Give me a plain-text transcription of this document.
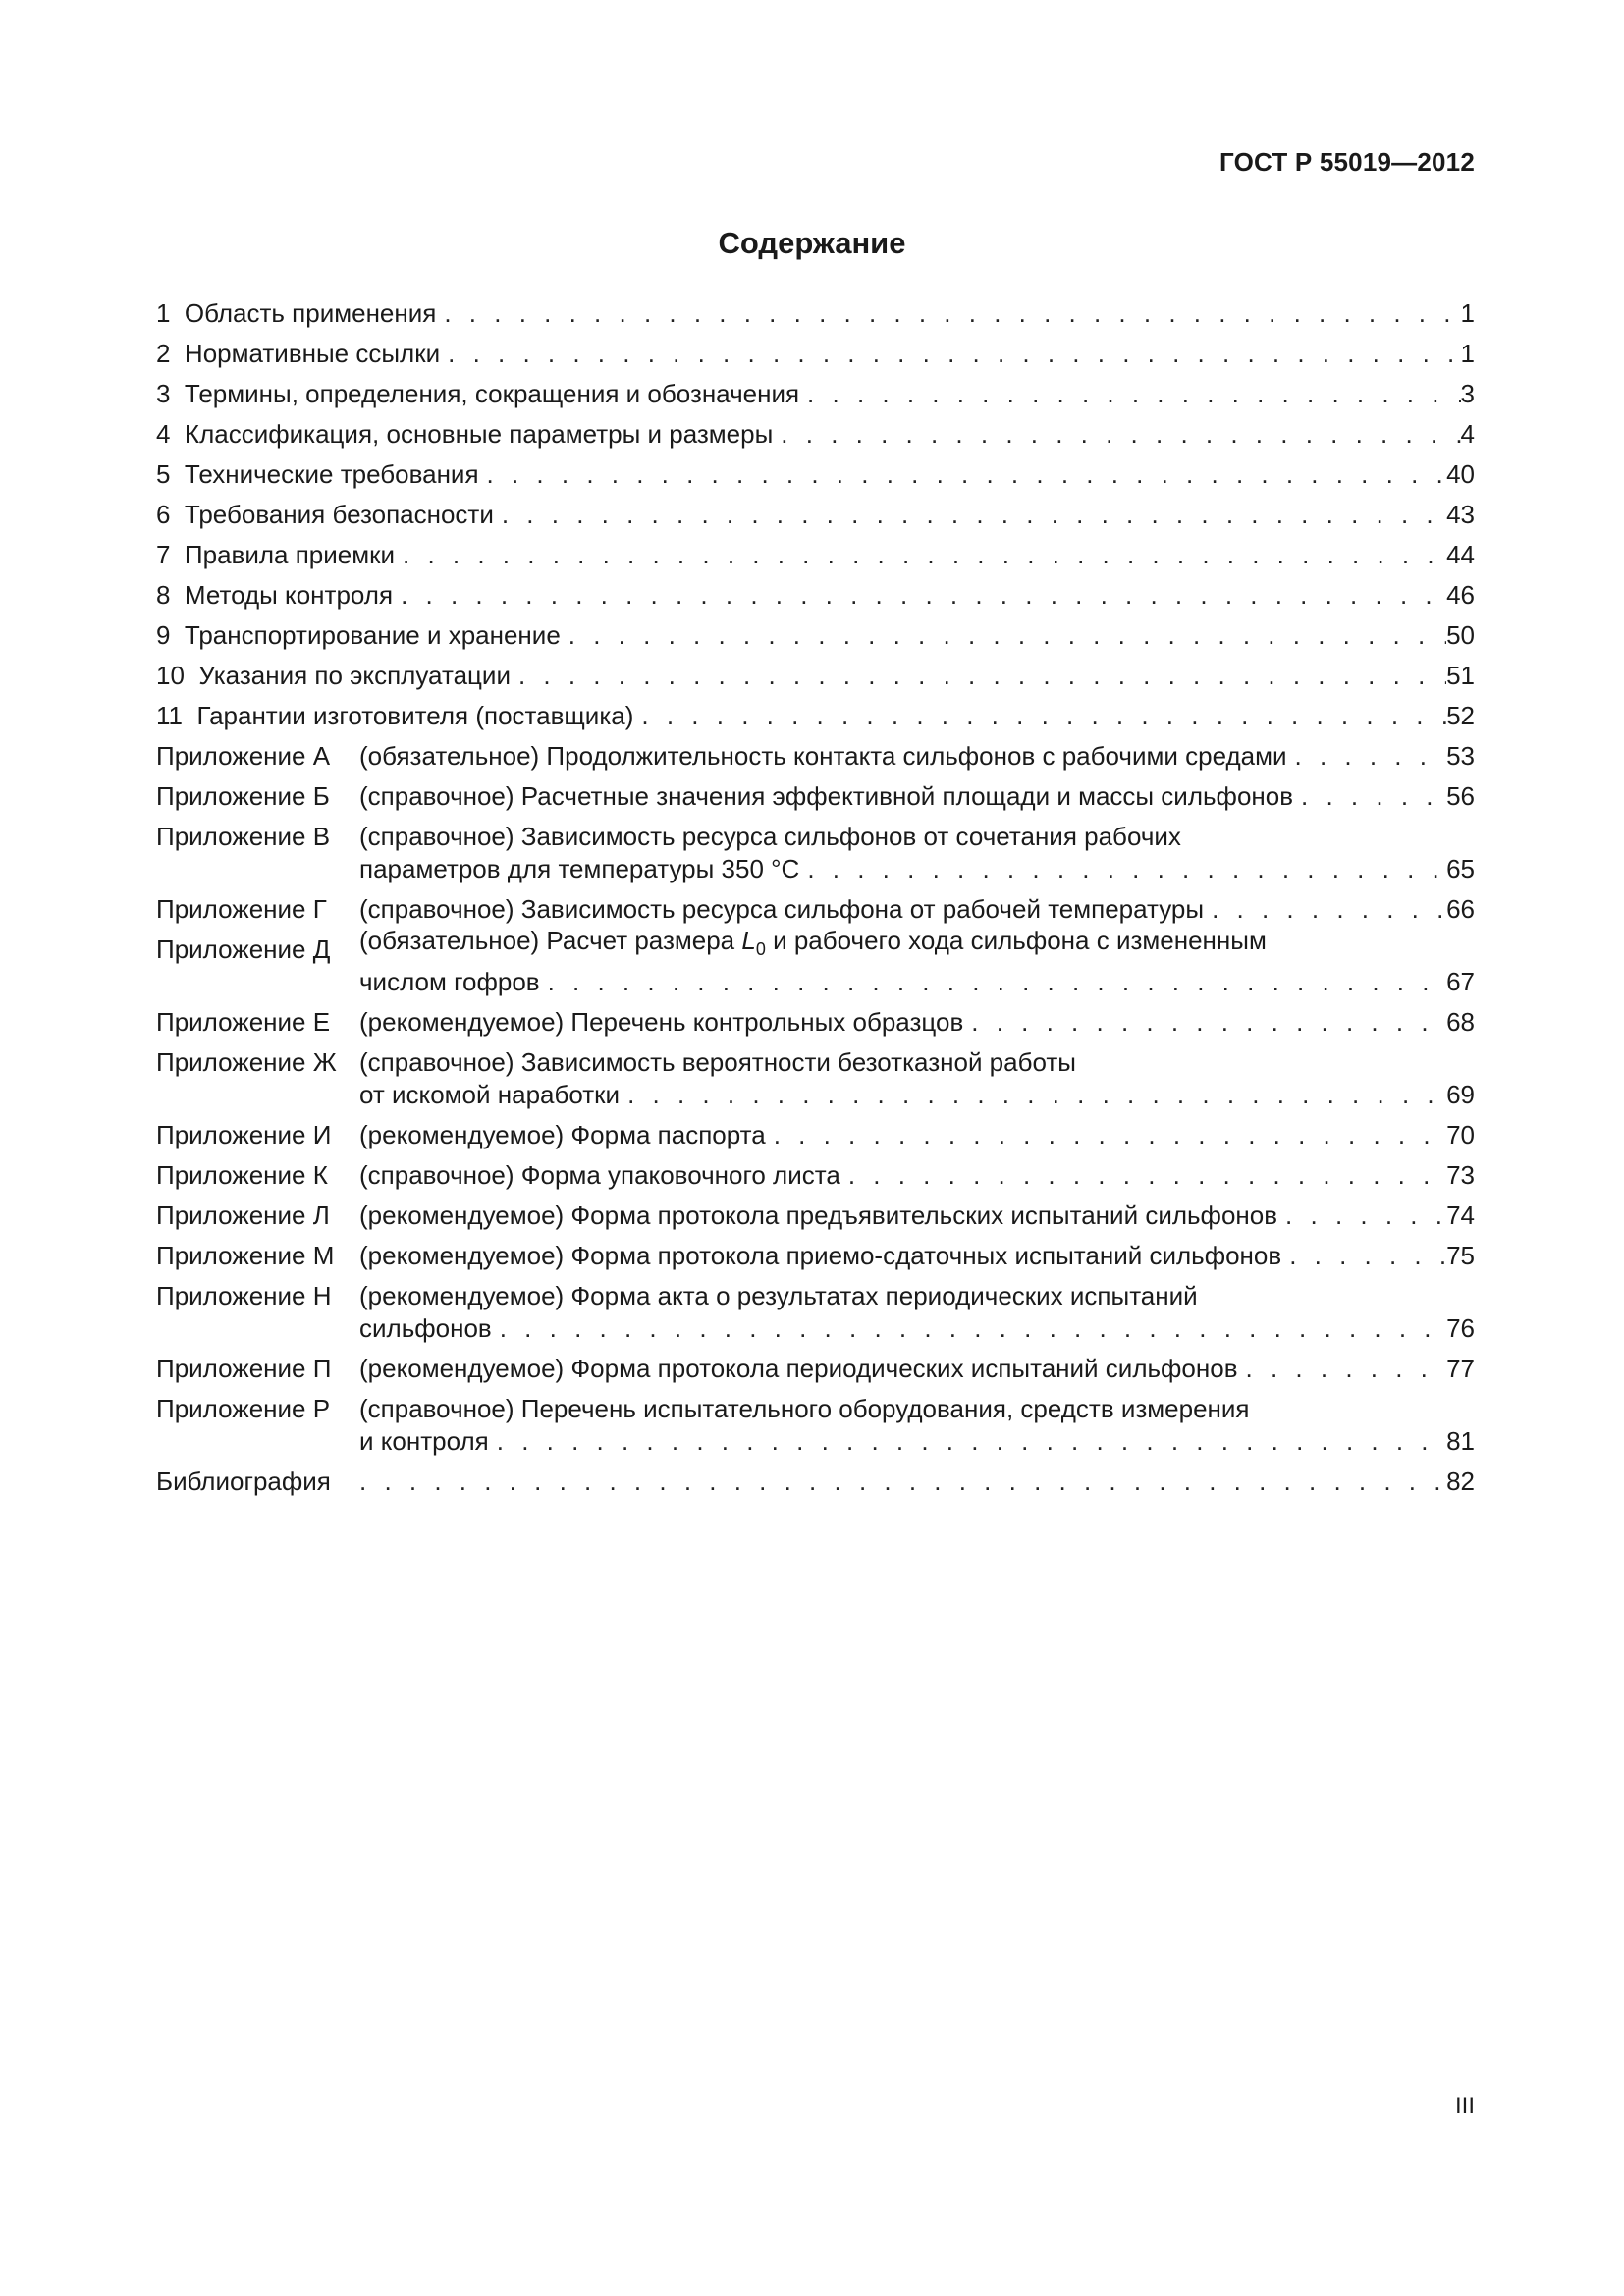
ГОСТ Р 55019—2012
Содержание
1 Область применения . . .	1
2 Нормативные ссылки . . .	1
3 Термины, определения, сокращения и обозначения . . .	3
4 Классификация, основные параметры и размеры . . .	4
5 Технические требования . . .	40
6 Требования безопасности . . .	43
7 Правила приемки . . .	44
8 Методы контроля . . .	46
9 Транспортирование и хранение . . .	50
10 Указания по эксплуатации . . .	51
11 Гарантии изготовителя (поставщика) . . .	52
Приложение А	(обязательное) Продолжительность контакта сильфонов с рабочими средами . . .	53
Приложение Б	(справочное) Расчетные значения эффективной площади и массы сильфонов . . .	56
Приложение В	(справочное) Зависимость ресурса сильфонов от сочетания рабочих
параметров для температуры 350 °С . . .	65
Приложение Г	(справочное) Зависимость ресурса сильфона от рабочей температуры . . .	66
Приложение Д	(обязательное) Расчет размера $L_0$ и рабочего хода сильфона с измененным
числом гофров . . .	67
Приложение Е	(рекомендуемое) Перечень контрольных образцов . . .	68
Приложение Ж (справочное) Зависимость вероятности безотказной работы
от искомой наработки . . .	69
Приложение И	(рекомендуемое) Форма паспорта . . .	70
Приложение К	(справочное) Форма упаковочного листа . . .	73
Приложение Л	(рекомендуемое) Форма протокола предъявительских испытаний сильфонов . . .	74
Приложение М (рекомендуемое) Форма протокола приемо-сдаточных испытаний сильфонов . . .	75
Приложение Н	(рекомендуемое) Форма акта о результатах периодических испытаний
сильфонов . . .	76
Приложение П	(рекомендуемое) Форма протокола периодических испытаний сильфонов . . .	77
Приложение Р	(справочное) Перечень испытательного оборудования, средств измерения
и контроля . . .	81
Библиография . . .	82
III
